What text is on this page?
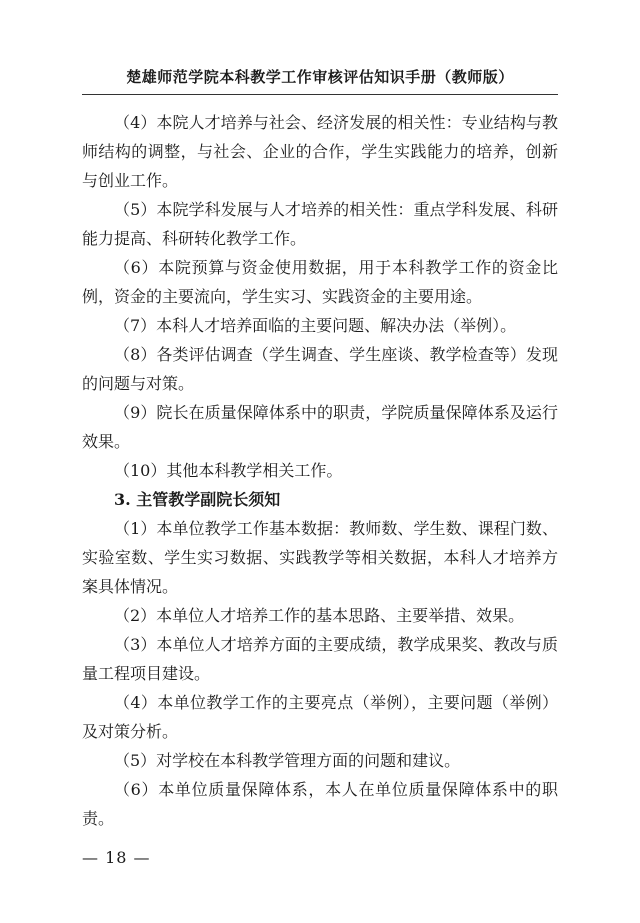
楚雄师范学院本科教学工作审核评估知识手册（教师版）

（4）本院人才培养与社会、经济发展的相关性：专业结构与教师结构的调整，与社会、企业的合作，学生实践能力的培养，创新与创业工作。

（5）本院学科发展与人才培养的相关性：重点学科发展、科研能力提高、科研转化教学工作。

（6）本院预算与资金使用数据，用于本科教学工作的资金比例，资金的主要流向，学生实习、实践资金的主要用途。

（7）本科人才培养面临的主要问题、解决办法（举例）。

（8）各类评估调查（学生调查、学生座谈、教学检查等）发现的问题与对策。

（9）院长在质量保障体系中的职责，学院质量保障体系及运行效果。

（10）其他本科教学相关工作。

3. 主管教学副院长须知

（1）本单位教学工作基本数据：教师数、学生数、课程门数、实验室数、学生实习数据、实践教学等相关数据，本科人才培养方案具体情况。

（2）本单位人才培养工作的基本思路、主要举措、效果。

（3）本单位人才培养方面的主要成绩，教学成果奖、教改与质量工程项目建设。

（4）本单位教学工作的主要亮点（举例），主要问题（举例）及对策分析。

（5）对学校在本科教学管理方面的问题和建议。

（6）本单位质量保障体系，本人在单位质量保障体系中的职责。

— 18 —
